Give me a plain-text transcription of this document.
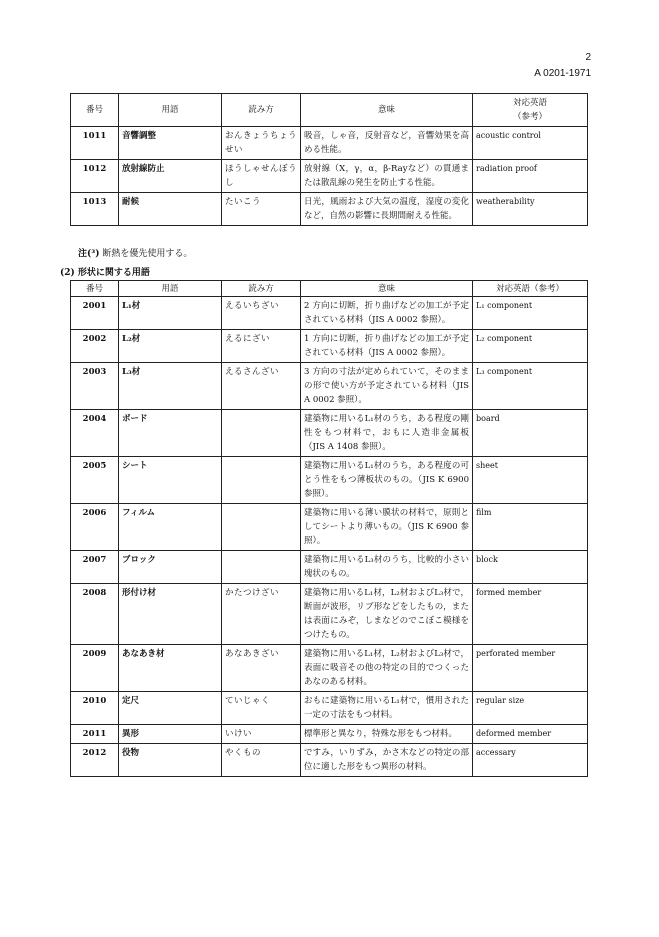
2
A 0201-1971
番号	用語	読み方	意味	対応英語
（参考）
1011	音響調整	おんきょうちょうせい	吸音，しゃ音，反射音など，音響効果を高める性能。	acoustic control
1012	放射線防止	ほうしゃせんぼうし	放射線（X，γ，α，β-Rayなど）の貫通または散乱線の発生を防止する性能。	radiation proof
1013	耐候	たいこう	日光，風雨および大気の温度，湿度の変化など，自然の影響に長期間耐える性能。	weatherability
注(³) 断熱を優先使用する。
(2) 形状に関する用語
番号	用語	読み方	意味	対応英語（参考）
2001	L₁材	えるいちざい	2 方向に切断，折り曲げなどの加工が予定されている材料（JIS A 0002 参照）。	L₁ component
2002	L₂材	えるにざい	1 方向に切断，折り曲げなどの加工が予定されている材料（JIS A 0002 参照）。	L₂ component
2003	L₃材	えるさんざい	3 方向の寸法が定められていて，そのままの形で使い方が予定されている材料（JIS A 0002 参照）。	L₃ component
2004	ボード		建築物に用いるL₁材のうち，ある程度の剛性をもつ材料で，おもに人造非金属板（JIS A 1408 参照）。	board
2005	シート		建築物に用いるL₁材のうち，ある程度の可とう性をもつ薄板状のもの。（JIS K 6900 参照）。	sheet
2006	フィルム		建築物に用いる薄い膜状の材料で，原則としてシートより薄いもの。（JIS K 6900 参照）。	film
2007	ブロック		建築物に用いるL₃材のうち，比較的小さい塊状のもの。	block
2008	形付け材	かたつけざい	建築物に用いるL₁材，L₂材およびL₃材で，断面が波形，リブ形などをしたもの，または表面にみぞ，しまなどのでこぼこ模様をつけたもの。	formed member
2009	あなあき材	あなあきざい	建築物に用いるL₁材，L₂材およびL₃材で，表面に吸音その他の特定の目的でつくったあなのある材料。	perforated member
2010	定尺	ていじゃく	おもに建築物に用いるL₁材で，慣用された一定の寸法をもつ材料。	regular size
2011	異形	いけい	標準形と異なり，特殊な形をもつ材料。	deformed member
2012	役物	やくもの	ですみ，いりずみ，かさ木などの特定の部位に適した形をもつ異形の材料。	accessary
